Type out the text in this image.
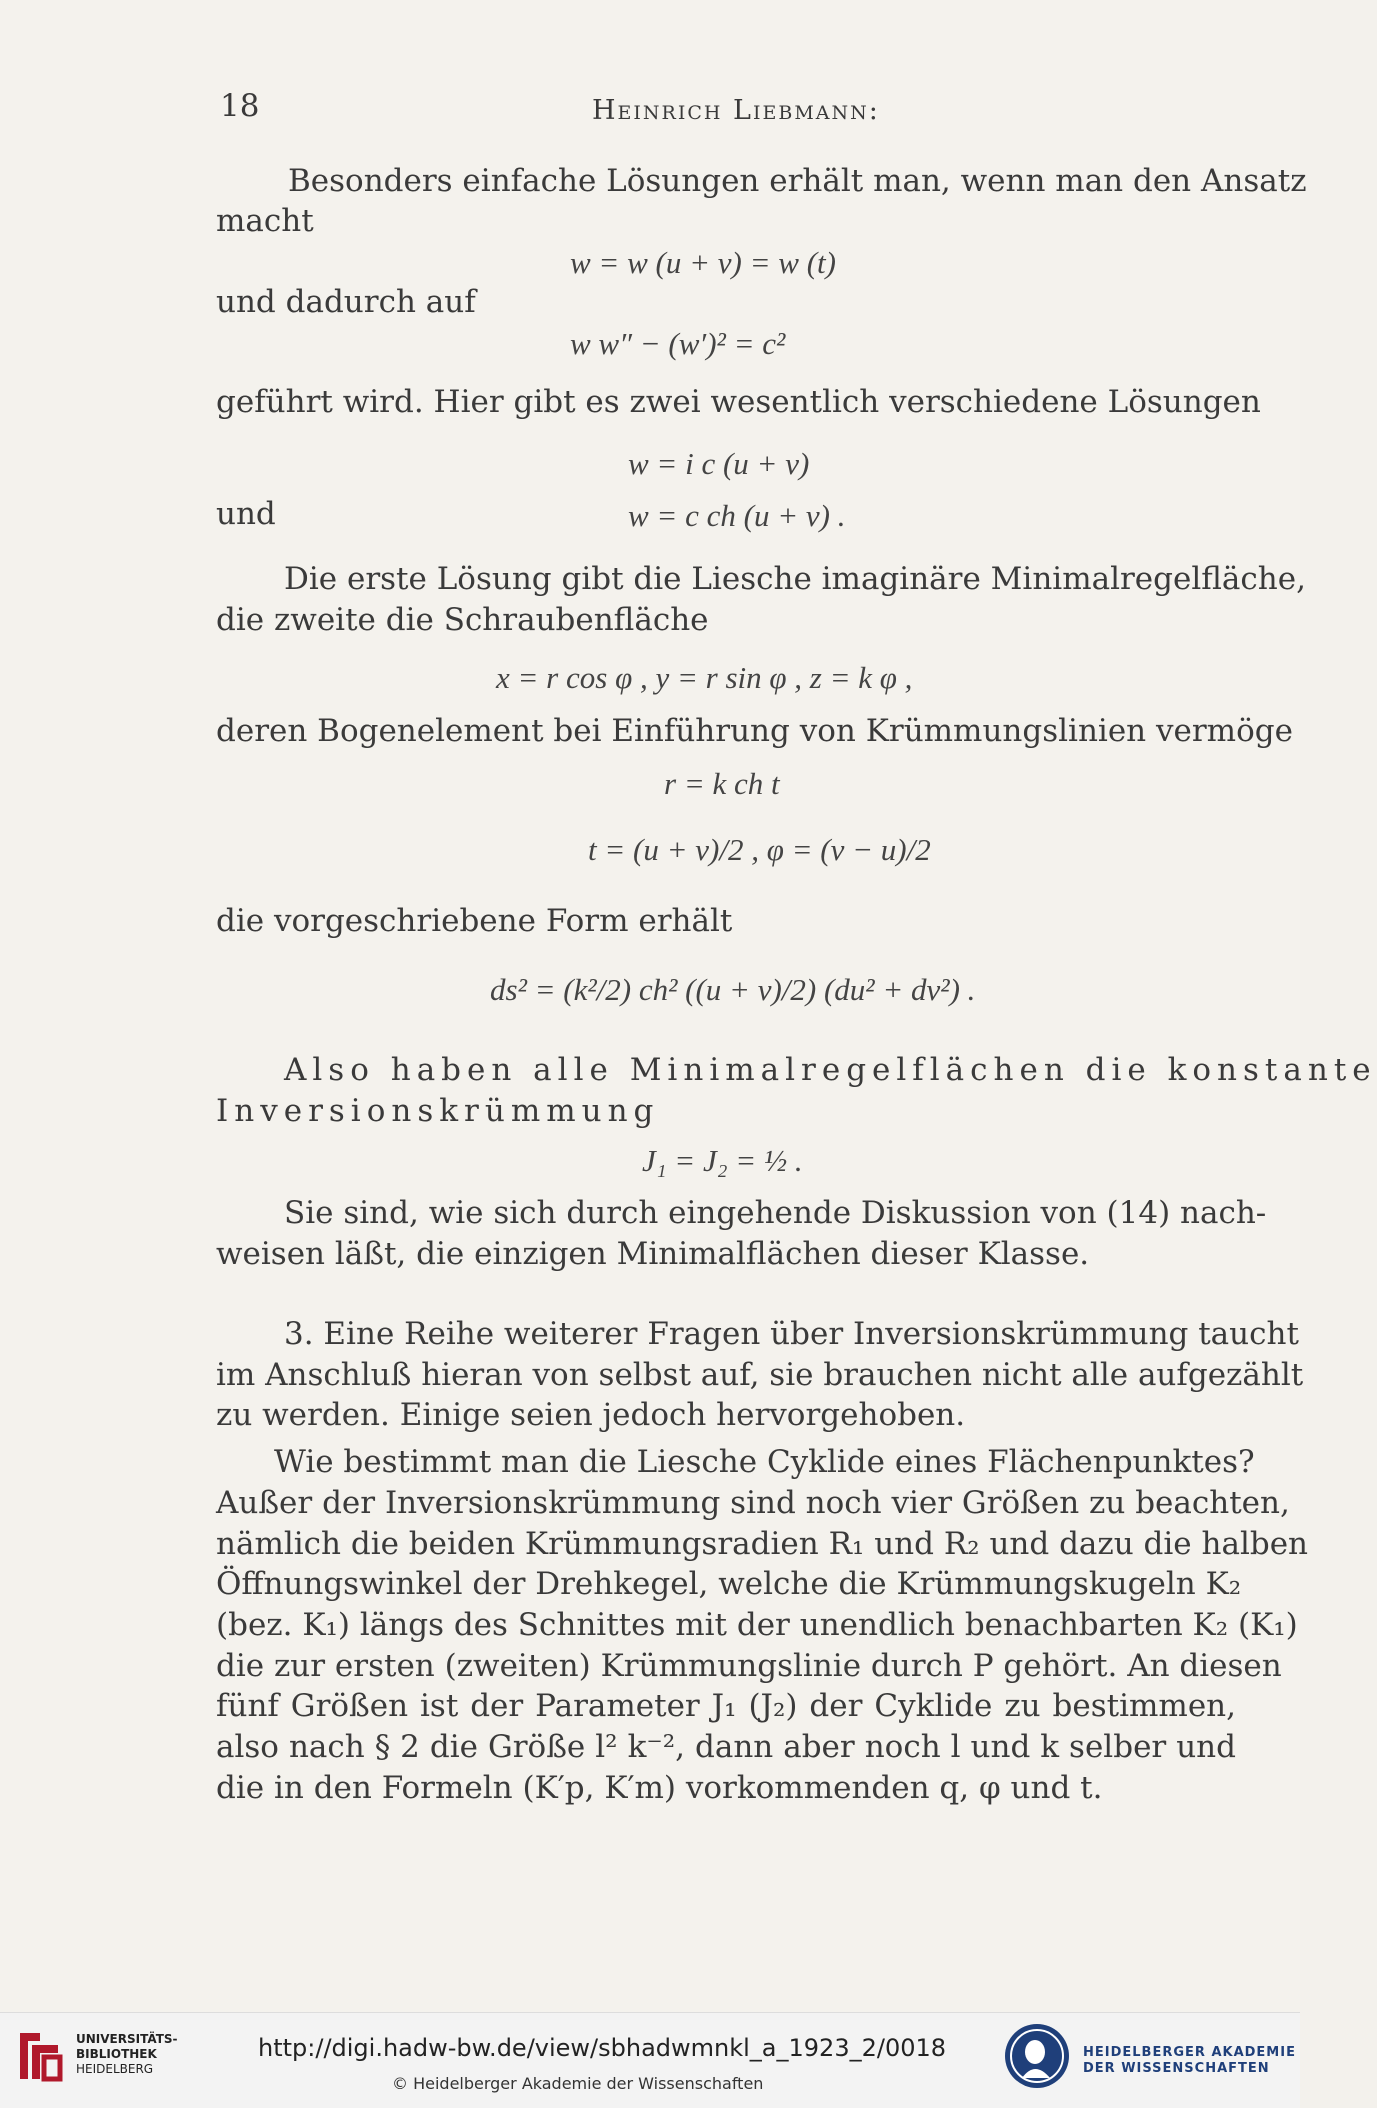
18	Heinrich Liebmann:
Besonders einfache Lösungen erhält man, wenn man den Ansatz
macht
w = w (u + v) = w (t)
und dadurch auf
w w″ − (w′)² = c²
geführt wird. Hier gibt es zwei wesentlich verschiedene Lösungen
w = i c (u + v)
und	w = c ch (u + v) .
Die erste Lösung gibt die Liesche imaginäre Minimalregelfläche,
die zweite die Schraubenfläche
x = r cos φ , y = r sin φ , z = k φ ,
deren Bogenelement bei Einführung von Krümmungslinien vermöge
r = k ch t
t = (u + v)/2 , φ = (v − u)/2
die vorgeschriebene Form erhält
ds² = (k²/2) ch² ((u + v)/2) (du² + dv²) .
Also haben alle Minimalregelflächen die konstante
Inversionskrümmung
J₁ = J₂ = ½ .
Sie sind, wie sich durch eingehende Diskussion von (14) nach-
weisen läßt, die einzigen Minimalflächen dieser Klasse.
3. Eine Reihe weiterer Fragen über Inversionskrümmung taucht
im Anschluß hieran von selbst auf, sie brauchen nicht alle aufgezählt
zu werden. Einige seien jedoch hervorgehoben.
Wie bestimmt man die Liesche Cyklide eines Flächenpunktes?
Außer der Inversionskrümmung sind noch vier Größen zu beachten,
nämlich die beiden Krümmungsradien R₁ und R₂ und dazu die halben
Öffnungswinkel der Drehkegel, welche die Krümmungskugeln K₂
(bez. K₁) längs des Schnittes mit der unendlich benachbarten K₂ (K₁)
die zur ersten (zweiten) Krümmungslinie durch P gehört. An diesen
fünf Größen ist der Parameter J₁ (J₂) der Cyklide zu bestimmen,
also nach § 2 die Größe l² k⁻², dann aber noch l und k selber und
die in den Formeln (K′p, K′m) vorkommenden q, φ und t.
UNIVERSITÄTS-
BIBLIOTHEK
HEIDELBERG
http://digi.hadw-bw.de/view/sbhadwmnkl_a_1923_2/0018
© Heidelberger Akademie der Wissenschaften
HEIDELBERGER AKADEMIE
DER WISSENSCHAFTEN
